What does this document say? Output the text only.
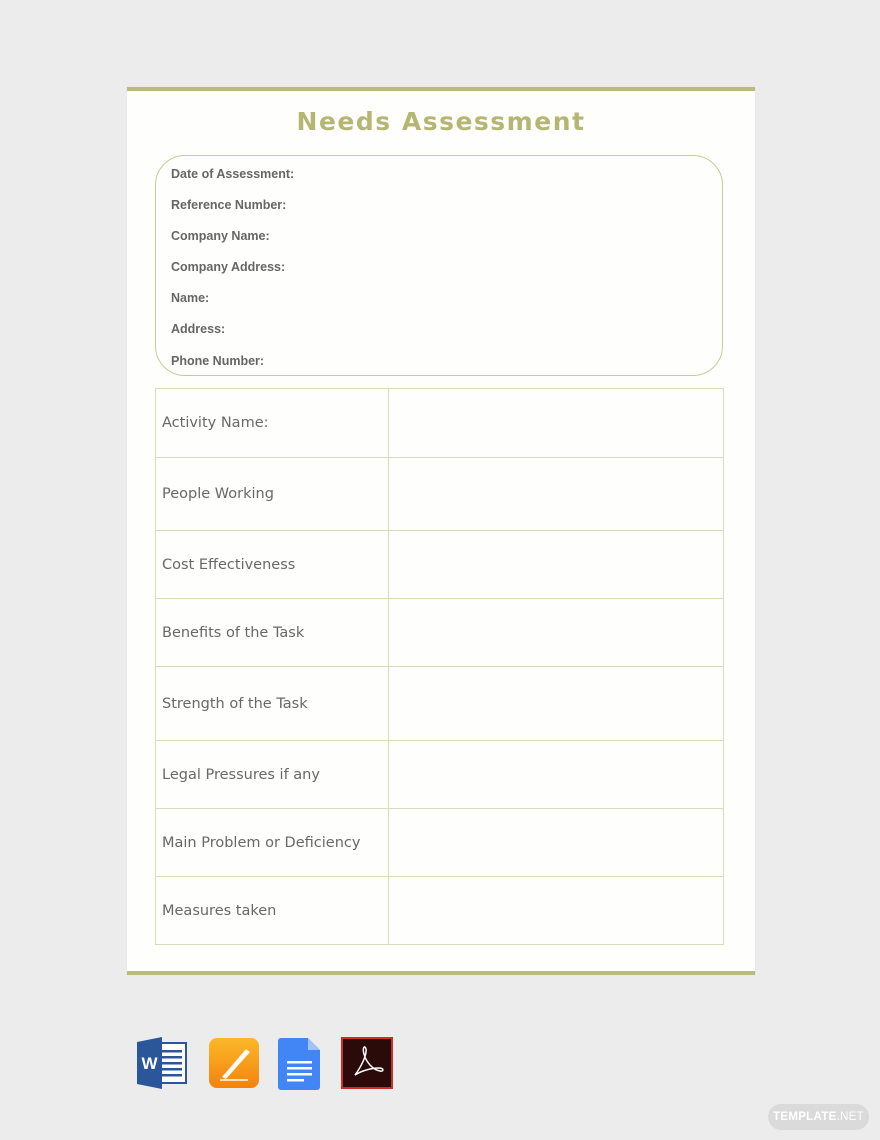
Needs Assessment
Date of Assessment:
Reference Number:
Company Name:
Company Address:
Name:
Address:
Phone Number:
Activity Name:	
People Working	
Cost Effectiveness	
Benefits of the Task	
Strength of the Task	
Legal Pressures if any	
Main Problem or Deficiency	
Measures taken	
W
TEMPLATE.NET
